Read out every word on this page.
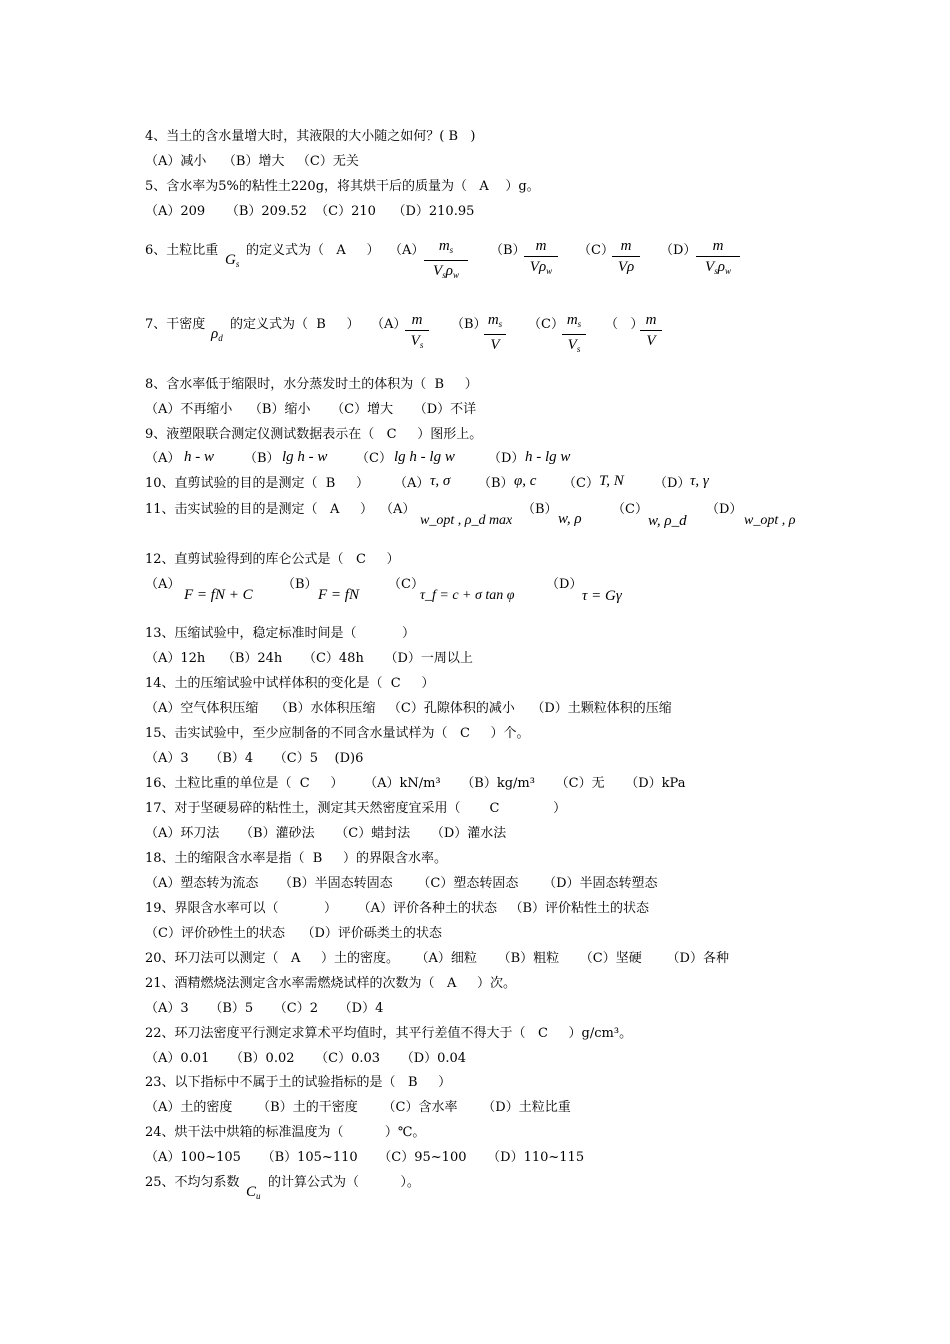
4、当土的含水量增大时，其液限的大小随之如何？( B   )
（A）减小    （B）增大   （C）无关
5、含水率为5%的粘性土220g，将其烘干后的质量为（   A    ）g。
（A）209     （B）209.52  （C）210    （D）210.95
6、土粒比重
$G_s$
的定义式为（   A     ） （A） $m_s$
$V_s\rho_w$
（B） m
$V\rho_w$
（C）
$\frac{m}{V\rho} (D)$	m
$V_s\rho_w$
7、干密度
$\rho_d$
的定义式为（  B     ） （A）
$\frac{m}{V_s} (B)$
$\frac{m_s}{V} (C)$
$\frac{m_s}{V_s}$ （   ）
$\frac{m}{V}$
8、含水率低于缩限时，水分蒸发时土的体积为（  B     ）
（A）不再缩小    （B）缩小     （C）增大     （D）不详
9、液塑限联合测定仪测试数据表示在（   C     ）图形上。
（A） h - w （B） lg h - w （C） lg h - lg w	（D） h - lg w
10、直剪试验的目的是测定（  B     ） （A） τ, σ （B） φ, c （C） T, N （D） τ, γ
11、击实试验的目的是测定（   A     ） （A）
w_opt , ρ_d max
（B）
w, ρ
（C）
w, ρ_d
（D）
w_opt , ρ
12、直剪试验得到的库仑公式是（   C     ）
（A）
F = fN + C
（B）
F = fN
（C）
τ_f = c + σ tan φ
（D）
τ = Gγ
13、压缩试验中，稳定标准时间是（           ）
（A）12h    （B）24h     （C）48h     （D）一周以上
14、土的压缩试验中试样体积的变化是（  C     ）
（A）空气体积压缩    （B）水体积压缩   （C）孔隙体积的减小    （D）土颗粒体积的压缩
15、击实试验中，至少应制备的不同含水量试样为（   C     ）个。
（A）3     （B）4     （C）5    (D)6
16、土粒比重的单位是（  C     ）     （A）kN/m³     （B）kg/m³     （C）无     （D）kPa
17、对于坚硬易碎的粘性土，测定其天然密度宜采用（       C             ）
（A）环刀法     （B）灌砂法     （C）蜡封法     （D）灌水法
18、土的缩限含水率是指（  B     ）的界限含水率。
（A）塑态转为流态     （B）半固态转固态      （C）塑态转固态      （D）半固态转塑态
19、界限含水率可以（           ）     （A）评价各种土的状态   （B）评价粘性土的状态
（C）评价砂性土的状态    （D）评价砾类土的状态
20、环刀法可以测定（   A     ）土的密度。    （A）细粒     （B）粗粒     （C）坚硬      （D）各种
21、酒精燃烧法测定含水率需燃烧试样的次数为（   A     ）次。
（A）3     （B）5     （C）2     （D）4
22、环刀法密度平行测定求算术平均值时，其平行差值不得大于（   C     ）g/cm³。
（A）0.01     （B）0.02     （C）0.03     （D）0.04
23、以下指标中不属于土的试验指标的是（   B     ）
（A）土的密度      （B）土的干密度      （C）含水率      （D）土粒比重
24、烘干法中烘箱的标准温度为（          ）℃。
（A）100~105     （B）105~110     （C）95~100     （D）110~115
25、不均匀系数
$C_u$
的计算公式为（          ）。
